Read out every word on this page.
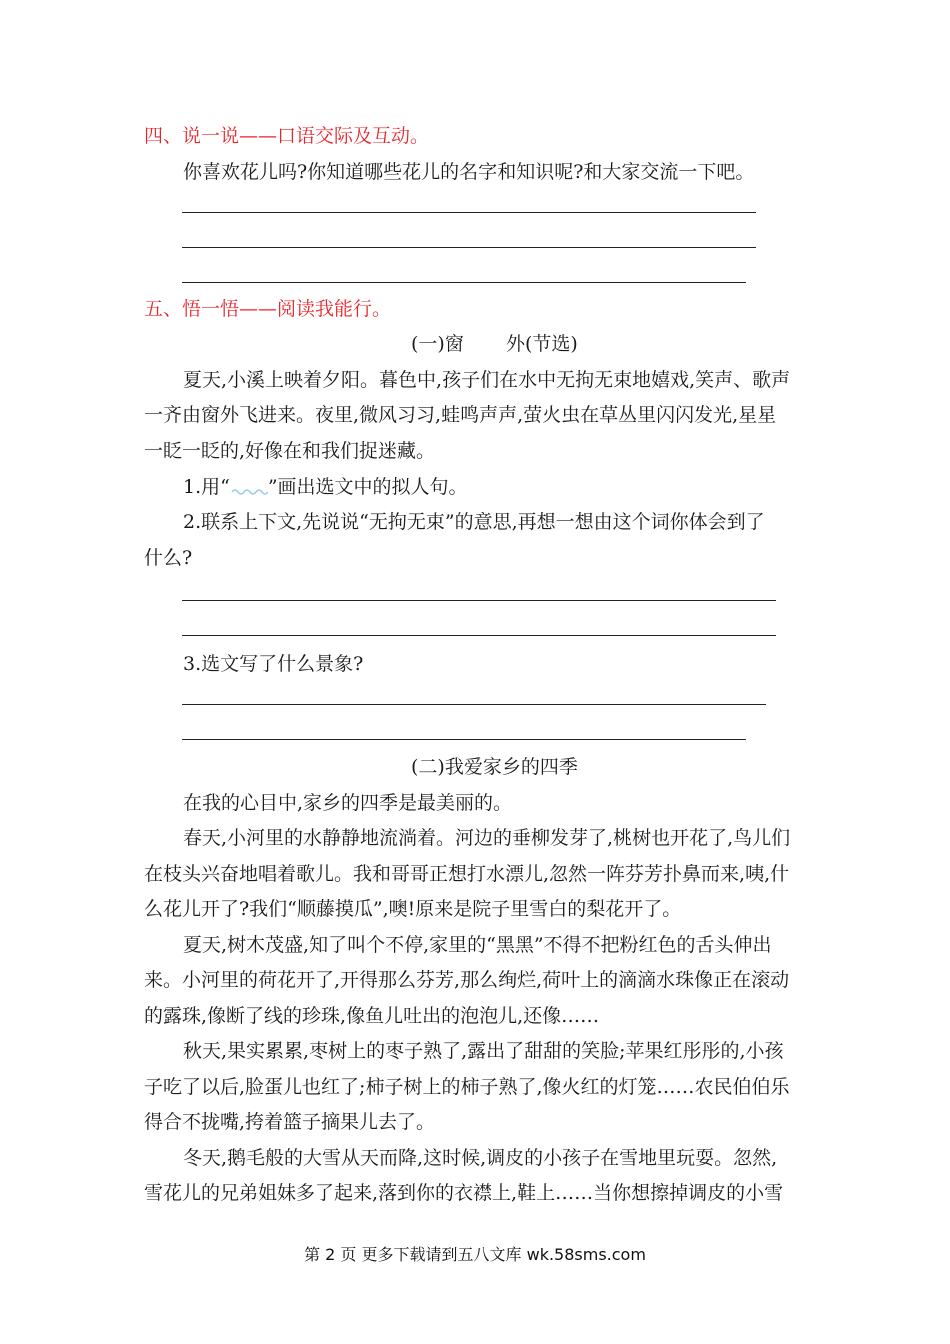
四、说一说——口语交际及互动。
你喜欢花儿吗?你知道哪些花儿的名字和知识呢?和大家交流一下吧。
五、悟一悟——阅读我能行。
(一)窗 外(节选)
夏天,小溪上映着夕阳。暮色中,孩子们在水中无拘无束地嬉戏,笑声、歌声
一齐由窗外飞进来。夜里,微风习习,蛙鸣声声,萤火虫在草丛里闪闪发光,星星
一眨一眨的,好像在和我们捉迷藏。
1.用“ ”画出选文中的拟人句。
2.联系上下文,先说说“无拘无束”的意思,再想一想由这个词你体会到了
什么?
3.选文写了什么景象?
(二)我爱家乡的四季
在我的心目中,家乡的四季是最美丽的。
春天,小河里的水静静地流淌着。河边的垂柳发芽了,桃树也开花了,鸟儿们
在枝头兴奋地唱着歌儿。我和哥哥正想打水漂儿,忽然一阵芬芳扑鼻而来,咦,什
么花儿开了?我们“顺藤摸瓜”,噢!原来是院子里雪白的梨花开了。
夏天,树木茂盛,知了叫个不停,家里的“黑黑”不得不把粉红色的舌头伸出
来。小河里的荷花开了,开得那么芬芳,那么绚烂,荷叶上的滴滴水珠像正在滚动
的露珠,像断了线的珍珠,像鱼儿吐出的泡泡儿,还像……
秋天,果实累累,枣树上的枣子熟了,露出了甜甜的笑脸;苹果红彤彤的,小孩
子吃了以后,脸蛋儿也红了;柿子树上的柿子熟了,像火红的灯笼……农民伯伯乐
得合不拢嘴,挎着篮子摘果儿去了。
冬天,鹅毛般的大雪从天而降,这时候,调皮的小孩子在雪地里玩耍。忽然,
雪花儿的兄弟姐妹多了起来,落到你的衣襟上,鞋上……当你想擦掉调皮的小雪
第 2 页 更多下载请到五八文库 wk.58sms.com
